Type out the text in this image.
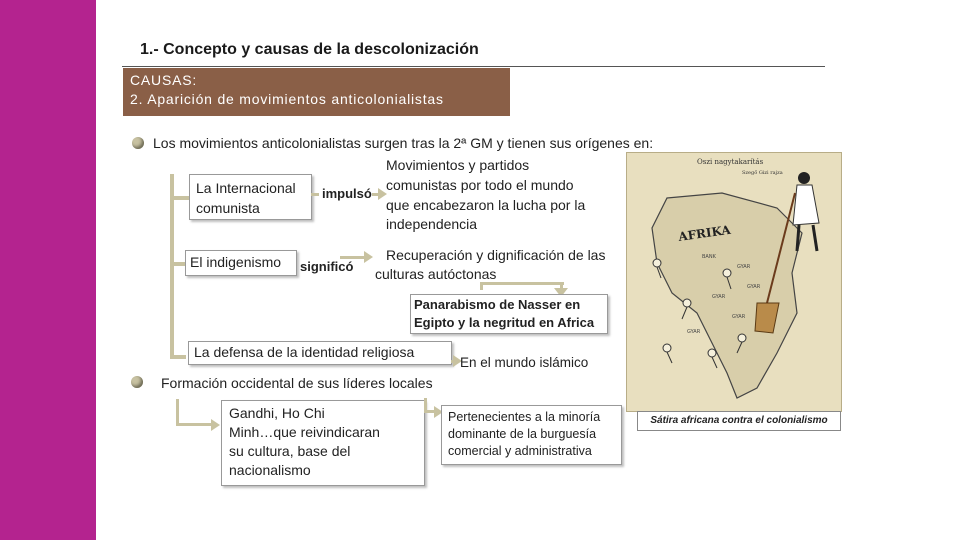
1.- Concepto y causas de la descolonización
CAUSAS:
2. Aparición de movimientos anticolonialistas
Los movimientos anticolonialistas surgen tras la 2ª GM y tienen sus orígenes en:
La Internacional
comunista
impulsó
Movimientos y partidos
comunistas por todo el mundo
que encabezaron la lucha por la
independencia
El indigenismo significó
Recuperación y dignificación de las
culturas autóctonas
Panarabismo de Nasser en
Egipto y la negritud en Africa
La defensa de la identidad religiosa
En el mundo islámico
Formación occidental de sus líderes locales
Gandhi, Ho Chi
Minh…que reivindicaran
su cultura, base del
nacionalismo
Pertenecientes a la minoría
dominante de la burguesía
comercial y administrativa
Oszi nagytakarítás
Szegő Gizi rajza
AFRIKA
GYAR
GYAR
BANK
GYAR
GYAR
GYAR
Sátira africana contra el colonialismo
